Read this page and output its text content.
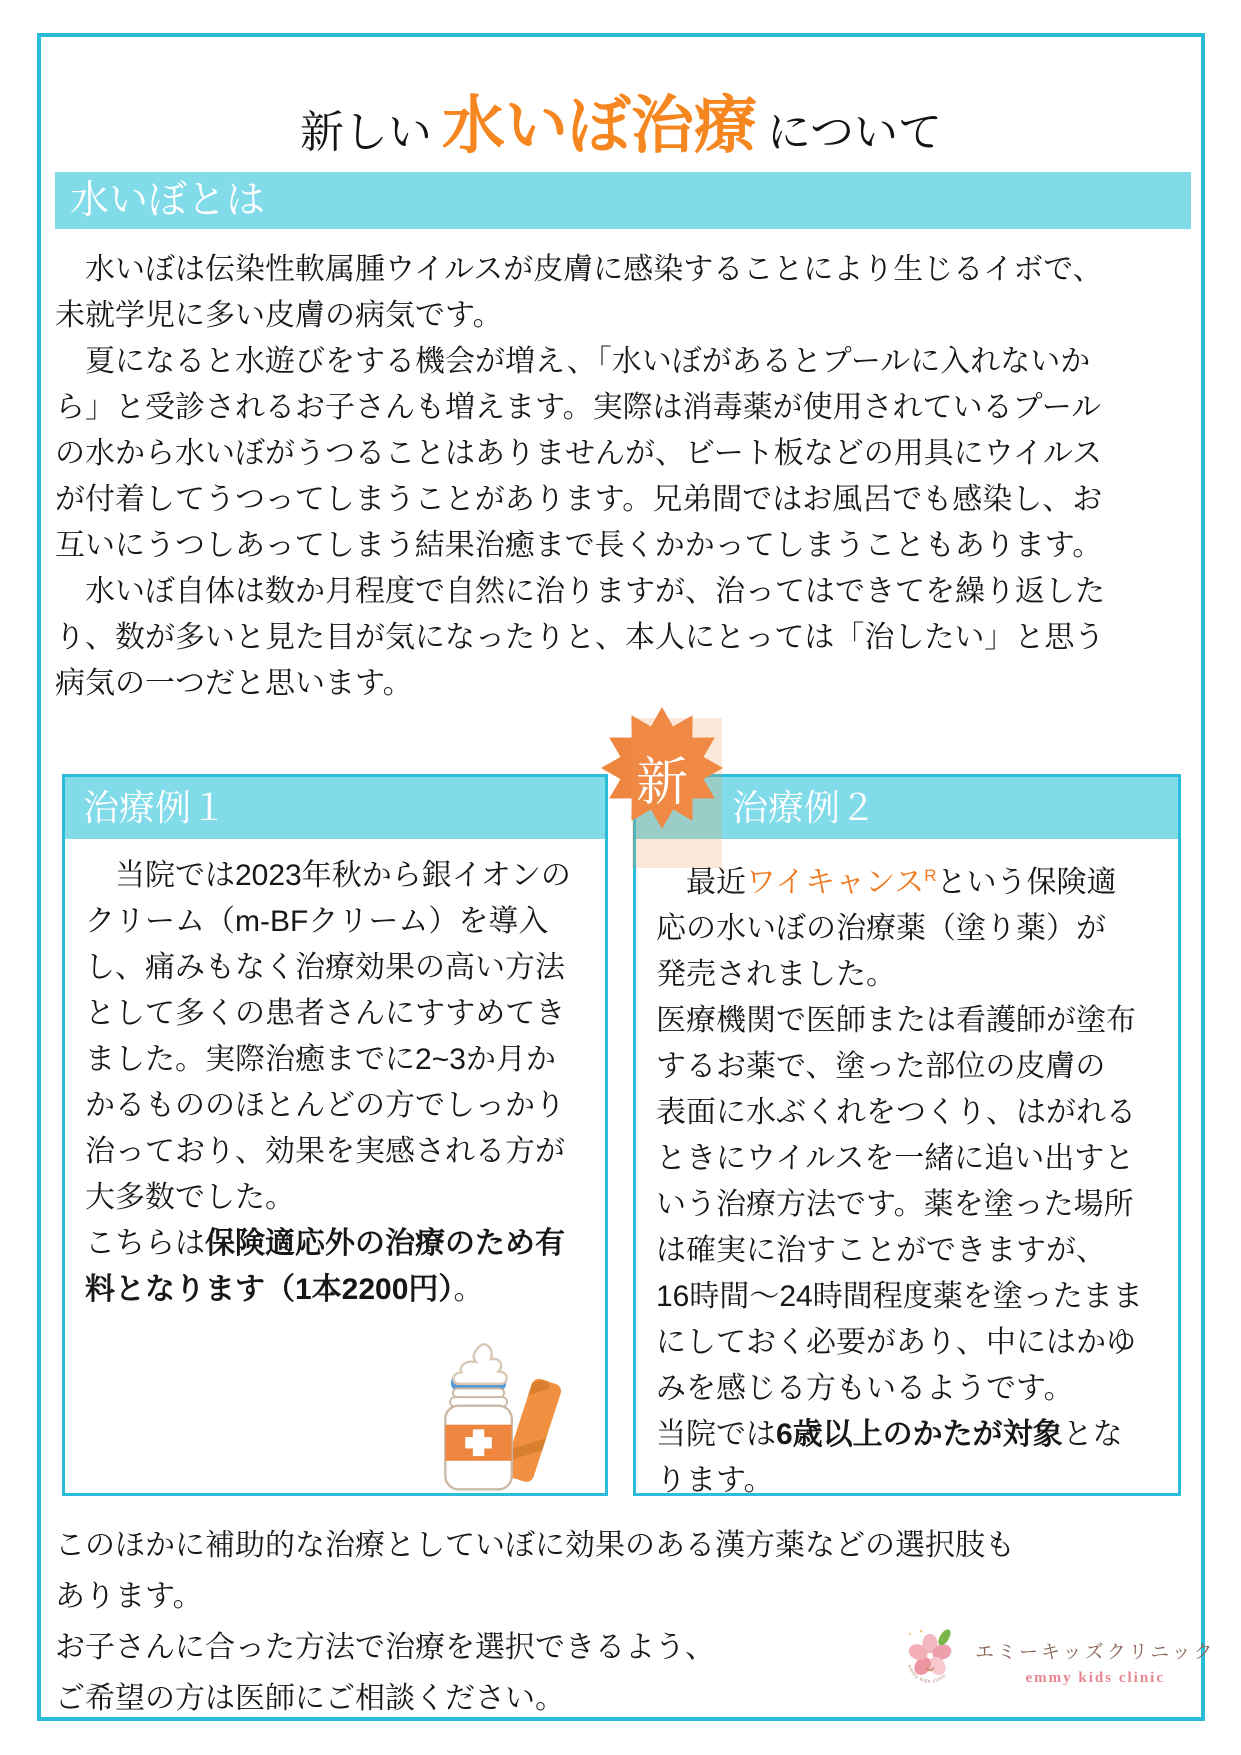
新しい 水いぼ治療 について
水いぼとは
　水いぼは伝染性軟属腫ウイルスが皮膚に感染することにより生じるイボで、
未就学児に多い皮膚の病気です。
　夏になると水遊びをする機会が増え、「水いぼがあるとプールに入れないか
ら」と受診されるお子さんも増えます。実際は消毒薬が使用されているプール
の水から水いぼがうつることはありませんが、ビート板などの用具にウイルス
が付着してうつってしまうことがあります。兄弟間ではお風呂でも感染し、お
互いにうつしあってしまう結果治癒まで長くかかってしまうこともあります。
　水いぼ自体は数か月程度で自然に治りますが、治ってはできてを繰り返した
り、数が多いと見た目が気になったりと、本人にとっては「治したい」と思う
病気の一つだと思います。
治療例１
　当院では2023年秋から銀イオンの
クリーム（m-BFクリーム）を導入
し、痛みもなく治療効果の高い方法
として多くの患者さんにすすめてき
ました。実際治癒までに2~3か月か
かるもののほとんどの方でしっかり
治っており、効果を実感される方が
大多数でした。
こちらは保険適応外の治療のため有
料となります（1本2200円）。
新	治療例２
　最近ワイキャンス$^R$という保険適
応の水いぼの治療薬（塗り薬）が
発売されました。
医療機関で医師または看護師が塗布
するお薬で、塗った部位の皮膚の
表面に水ぶくれをつくり、はがれる
ときにウイルスを一緒に追い出すと
いう治療方法です。薬を塗った場所
は確実に治すことができますが、
16時間〜24時間程度薬を塗ったまま
にしておく必要があり、中にはかゆ
みを感じる方もいるようです。
当院では6歳以上のかたが対象とな
ります。
このほかに補助的な治療としていぼに効果のある漢方薬などの選択肢も
あります。
お子さんに合った方法で治療を選択できるよう、
ご希望の方は医師にご相談ください。
emmy kids clinic
エミーキッズクリニック
emmy kids clinic
